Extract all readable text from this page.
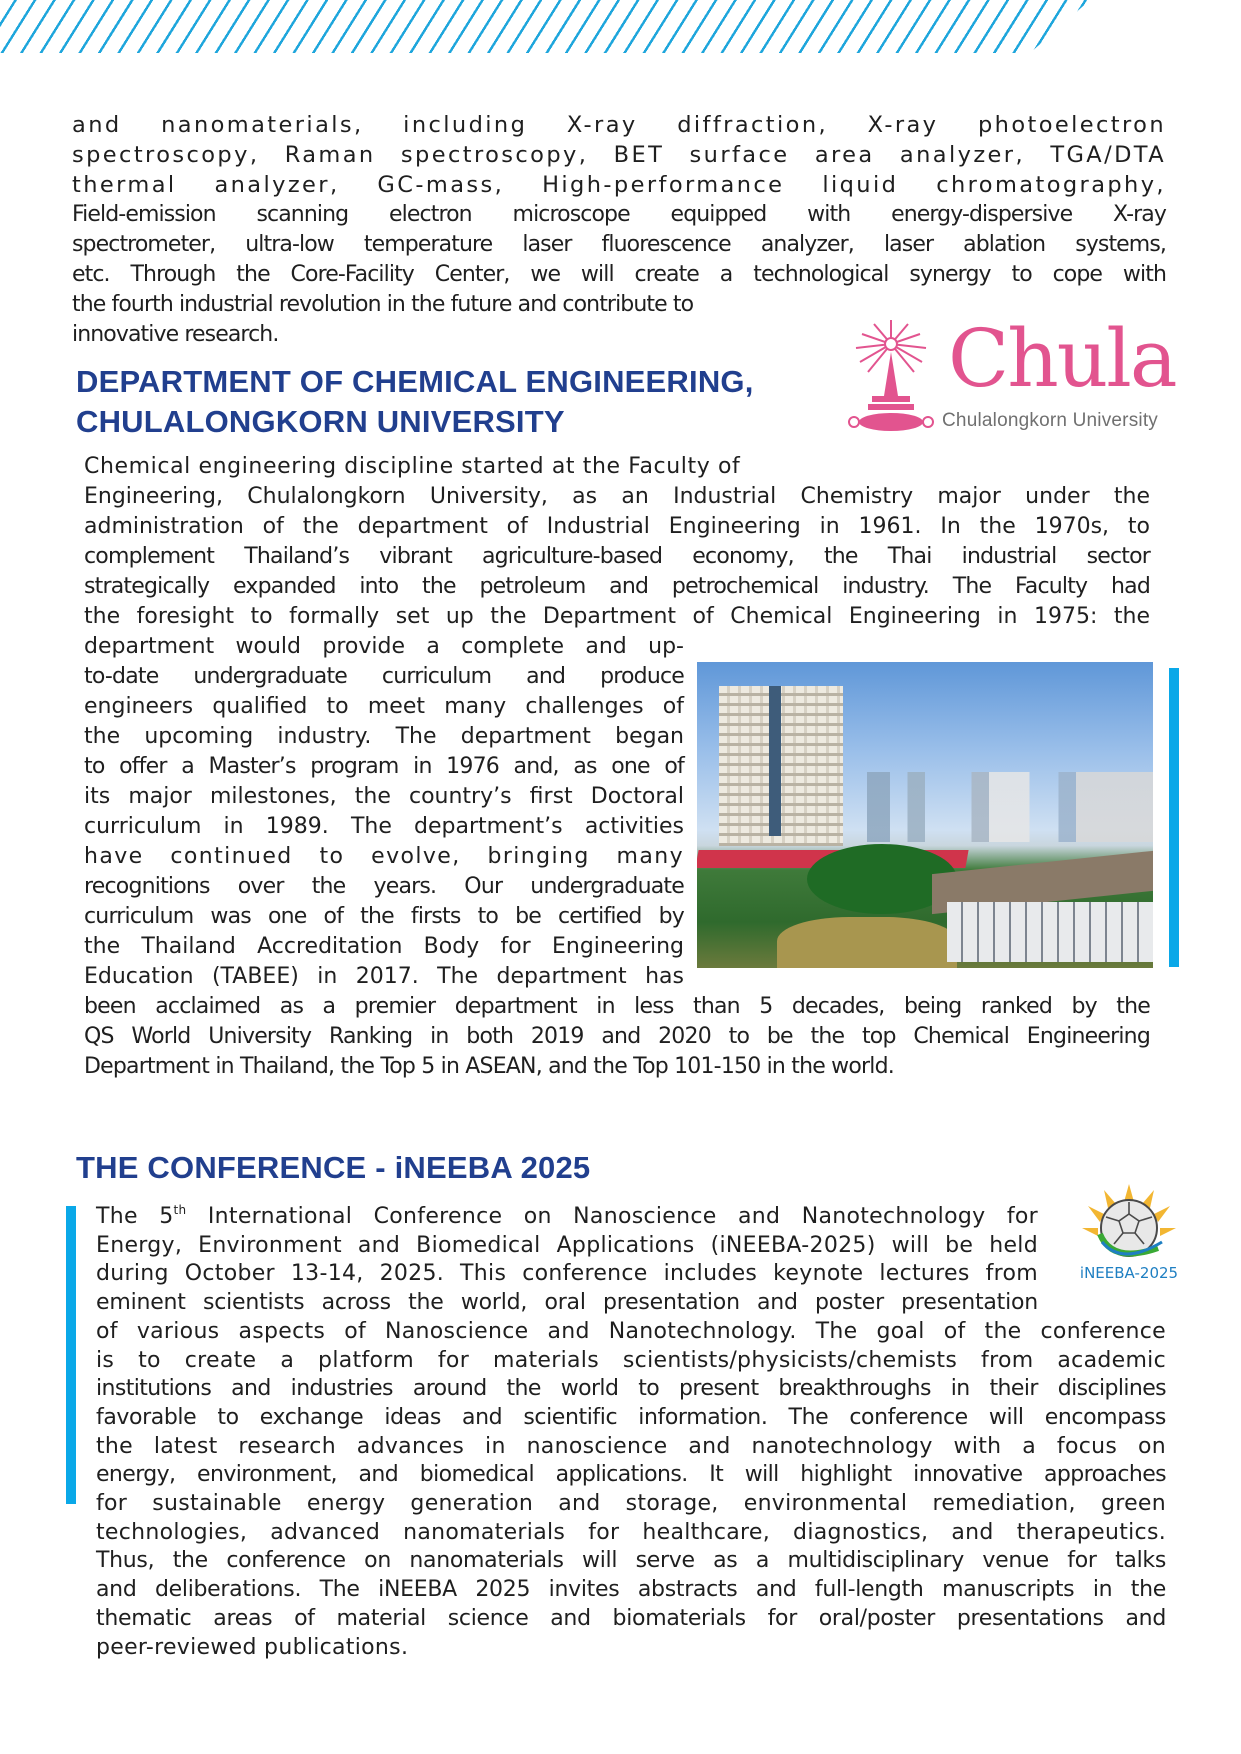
and nanomaterials, including X-ray diffraction, X-ray photoelectron
spectroscopy, Raman spectroscopy, BET surface area analyzer, TGA/DTA
thermal analyzer, GC-mass, High-performance liquid chromatography,
Field-emission scanning electron microscope equipped with energy-dispersive X-ray
spectrometer, ultra-low temperature laser fluorescence analyzer, laser ablation systems,
etc. Through the Core-Facility Center, we will create a technological synergy to cope with
the fourth industrial revolution in the future and contribute to
innovative research.
DEPARTMENT OF CHEMICAL ENGINEERING,
CHULALONGKORN UNIVERSITY
Chula
Chulalongkorn University
Chemical engineering discipline started at the Faculty of
Engineering, Chulalongkorn University, as an Industrial Chemistry major under the
administration of the department of Industrial Engineering in 1961. In the 1970s, to
complement Thailand’s vibrant agriculture-based economy, the Thai industrial sector
strategically expanded into the petroleum and petrochemical industry. The Faculty had
the foresight to formally set up the Department of Chemical Engineering in 1975: the
department would provide a complete and up-
to-date undergraduate curriculum and produce
engineers qualified to meet many challenges of
the upcoming industry. The department began
to offer a Master’s program in 1976 and, as one of
its major milestones, the country’s first Doctoral
curriculum in 1989. The department’s activities
have continued to evolve, bringing many
recognitions over the years. Our undergraduate
curriculum was one of the firsts to be certified by
the Thailand Accreditation Body for Engineering
Education (TABEE) in 2017. The department has
been acclaimed as a premier department in less than 5 decades, being ranked by the
QS World University Ranking in both 2019 and 2020 to be the top Chemical Engineering
Department in Thailand, the Top 5 in ASEAN, and the Top 101-150 in the world.
THE CONFERENCE - iNEEBA 2025
iNEEBA-2025
The 5th International Conference on Nanoscience and Nanotechnology for
Energy, Environment and Biomedical Applications (iNEEBA-2025) will be held
during October 13-14, 2025. This conference includes keynote lectures from
eminent scientists across the world, oral presentation and poster presentation
of various aspects of Nanoscience and Nanotechnology. The goal of the conference
is to create a platform for materials scientists/physicists/chemists from academic
institutions and industries around the world to present breakthroughs in their disciplines
favorable to exchange ideas and scientific information. The conference will encompass
the latest research advances in nanoscience and nanotechnology with a focus on
energy, environment, and biomedical applications. It will highlight innovative approaches
for sustainable energy generation and storage, environmental remediation, green
technologies, advanced nanomaterials for healthcare, diagnostics, and therapeutics.
Thus, the conference on nanomaterials will serve as a multidisciplinary venue for talks
and deliberations. The iNEEBA 2025 invites abstracts and full-length manuscripts in the
thematic areas of material science and biomaterials for oral/poster presentations and
peer-reviewed publications.
